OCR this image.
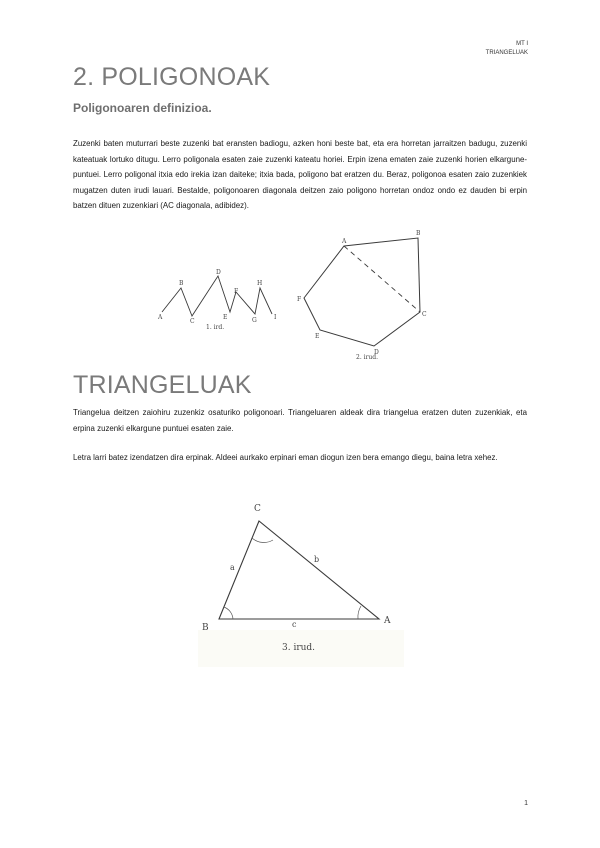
MT I
TRIANGELUAK
2. POLIGONOAK
Poligonoaren definizioa.

Zuzenki baten muturrari beste zuzenki bat eransten badiogu, azken honi beste bat, eta era horretan jarraitzen badugu, zuzenki kateatuak lortuko ditugu. Lerro poligonala esaten zaie zuzenki kateatu horiei. Erpin izena ematen zaie zuzenki horien elkargune-puntuei. Lerro poligonal itxia edo irekia izan daiteke; itxia bada, poligono bat eratzen du. Beraz, poligonoa esaten zaio zuzenkiek mugatzen duten irudi lauari. Bestalde, poligonoaren diagonala deitzen zaio poligono horretan ondoz ondo ez dauden bi erpin batzen dituen zuzenkiari (AC diagonala, adibidez).

A
B
C
D
E
F
G
H
I
1. ird.
A
B
C
D
E
F
2. irud.
TRIANGELUAK

Triangelua deitzen zaiohiru zuzenkiz osaturiko poligonoari. Triangeluaren aldeak dira triangelua eratzen duten zuzenkiak, eta erpina zuzenki elkargune puntuei esaten zaie.

Letra larri batez izendatzen dira erpinak. Aldeei aurkako erpinari eman diogun izen bera emango diegu, baina letra xehez.

C
B
A
a
b
c
3. irud.
1
